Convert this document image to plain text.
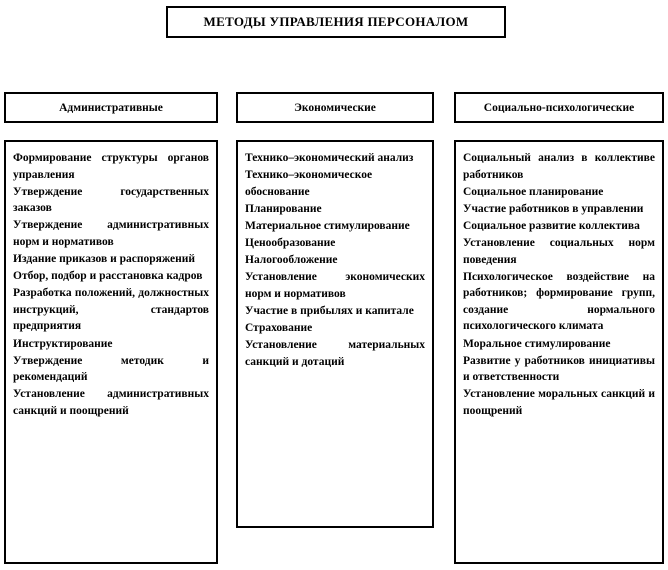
МЕТОДЫ УПРАВЛЕНИЯ ПЕРСОНАЛОМ
Административные

Формирование структуры органов управления

Утверждение государственных заказов

Утверждение административных норм и нормативов

Издание приказов и распоряжений

Отбор, подбор и расстановка кадров

Разработка положений, должностных инструкций, стандартов предприятия

Инструктирование

Утверждение методик и рекомендаций

Установление административных санкций и поощрений

Экономические

Технико–экономический анализ

Технико–экономическое обоснование

Планирование

Материальное стимулирование

Ценообразование

Налогообложение

Установление экономических норм и нормативов

Участие в прибылях и капитале

Страхование

Установление материальных санкций и дотаций

Социально-психологические

Социальный анализ в коллективе работников

Социальное планирование

Участие работников в управлении

Социальное развитие коллектива

Установление социальных норм поведения

Психологическое воздействие на работников; формирование групп, создание нормального психологического климата

Моральное стимулирование

Развитие у работников инициативы и ответственности

Установление моральных санкций и поощрений
